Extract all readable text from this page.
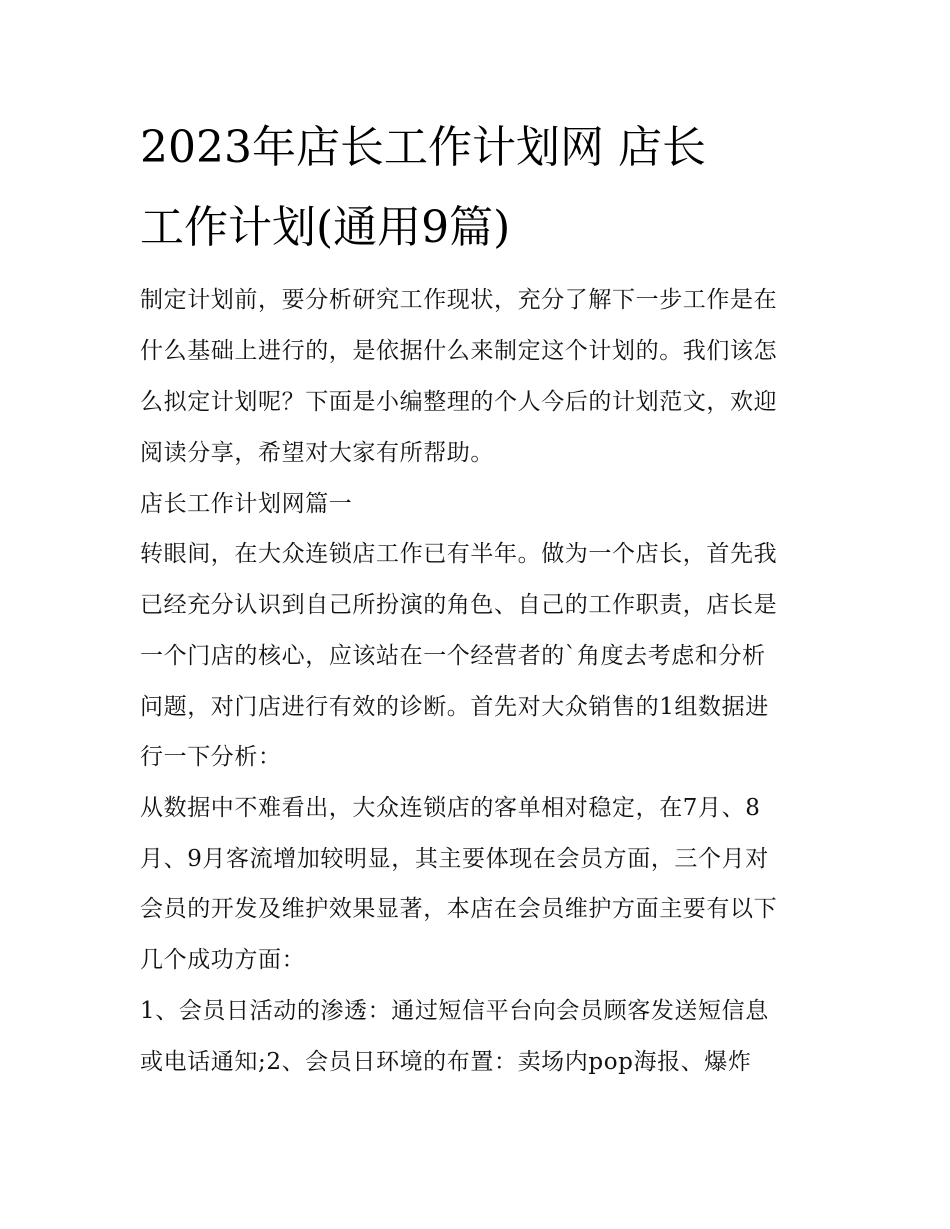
2023年店长工作计划网 店长
工作计划(通用9篇)
制定计划前，要分析研究工作现状，充分了解下一步工作是在
什么基础上进行的，是依据什么来制定这个计划的。我们该怎
么拟定计划呢？下面是小编整理的个人今后的计划范文，欢迎
阅读分享，希望对大家有所帮助。
店长工作计划网篇一
转眼间，在大众连锁店工作已有半年。做为一个店长，首先我
已经充分认识到自己所扮演的角色、自己的工作职责，店长是
一个门店的核心，应该站在一个经营者的`角度去考虑和分析
问题，对门店进行有效的诊断。首先对大众销售的1组数据进
行一下分析：
从数据中不难看出，大众连锁店的客单相对稳定，在7月、8
月、9月客流增加较明显，其主要体现在会员方面，三个月对
会员的开发及维护效果显著，本店在会员维护方面主要有以下
几个成功方面：
1、会员日活动的渗透：通过短信平台向会员顾客发送短信息
或电话通知;2、会员日环境的布置：卖场内pop海报、爆炸
